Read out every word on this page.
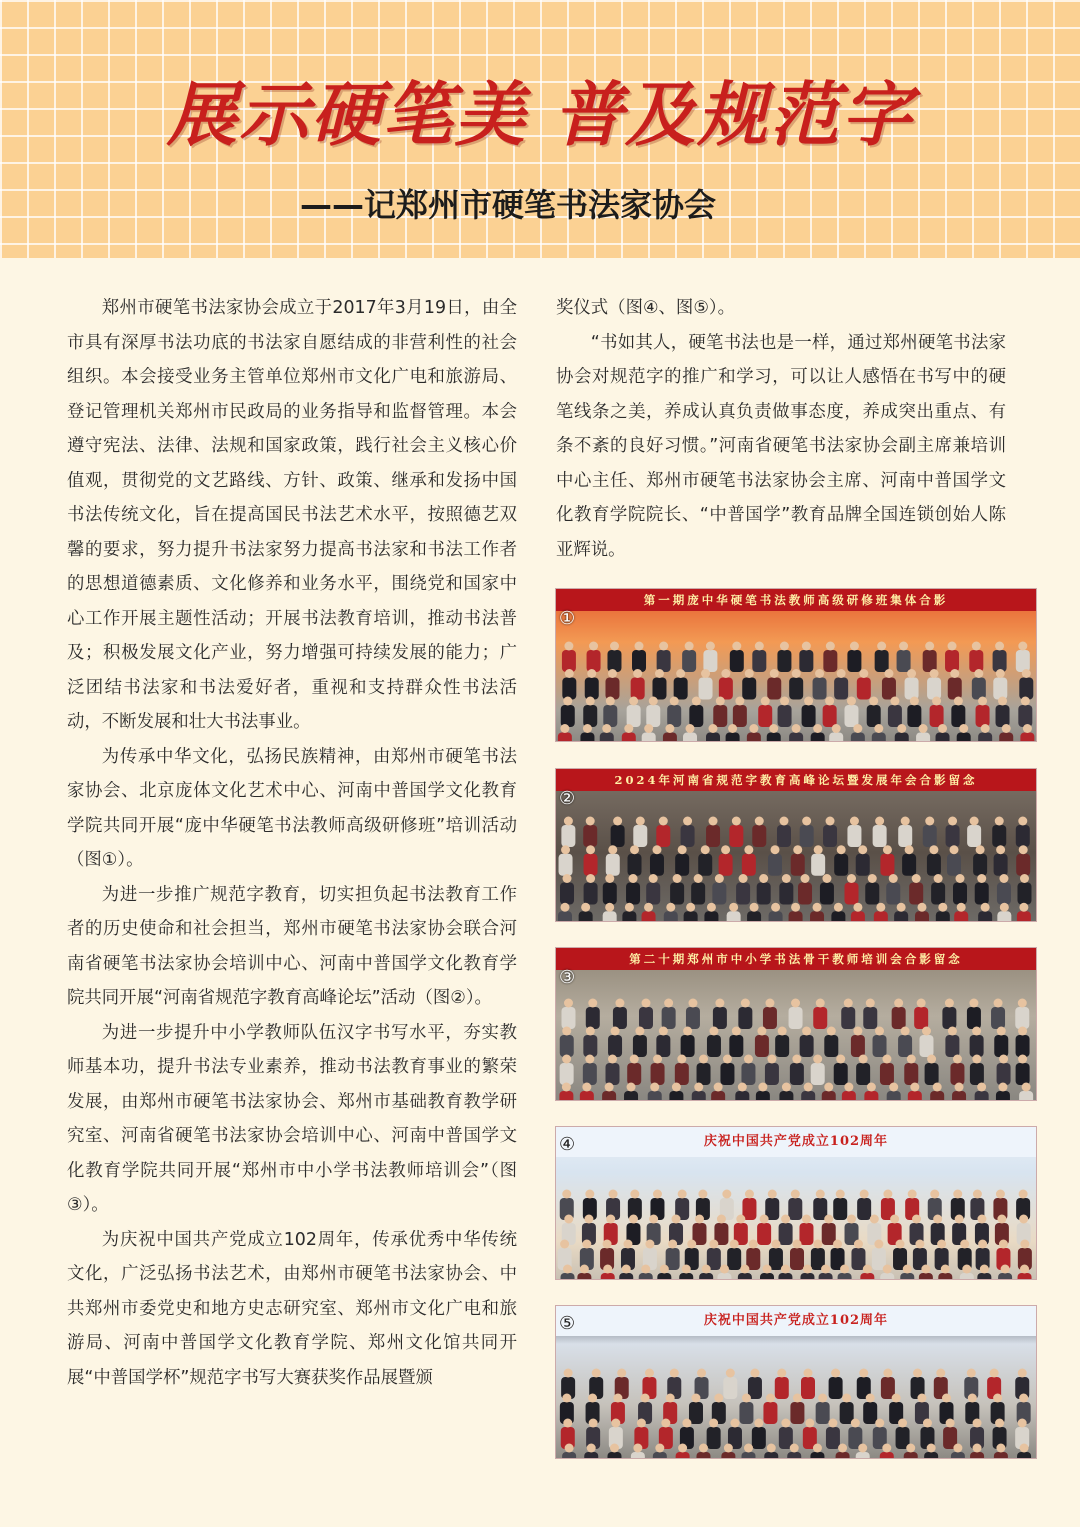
展示硬笔美 普及规范字
——记郑州市硬笔书法家协会

郑州市硬笔书法家协会成立于2017年3月19日，由全市具有深厚书法功底的书法家自愿结成的非营利性的社会组织。本会接受业务主管单位郑州市文化广电和旅游局、登记管理机关郑州市民政局的业务指导和监督管理。本会遵守宪法、法律、法规和国家政策，践行社会主义核心价值观，贯彻党的文艺路线、方针、政策、继承和发扬中国书法传统文化，旨在提高国民书法艺术水平，按照德艺双馨的要求，努力提升书法家努力提高书法家和书法工作者的思想道德素质、文化修养和业务水平，围绕党和国家中心工作开展主题性活动；开展书法教育培训，推动书法普及；积极发展文化产业，努力增强可持续发展的能力；广泛团结书法家和书法爱好者，重视和支持群众性书法活动，不断发展和壮大书法事业。

为传承中华文化，弘扬民族精神，由郑州市硬笔书法家协会、北京庞体文化艺术中心、河南中普国学文化教育学院共同开展“庞中华硬笔书法教师高级研修班”培训活动（图①）。

为进一步推广规范字教育，切实担负起书法教育工作者的历史使命和社会担当，郑州市硬笔书法家协会联合河南省硬笔书法家协会培训中心、河南中普国学文化教育学院共同开展“河南省规范字教育高峰论坛”活动（图②）。

为进一步提升中小学教师队伍汉字书写水平，夯实教师基本功，提升书法专业素养，推动书法教育事业的繁荣发展，由郑州市硬笔书法家协会、郑州市基础教育教学研究室、河南省硬笔书法家协会培训中心、河南中普国学文化教育学院共同开展“郑州市中小学书法教师培训会”（图③）。

为庆祝中国共产党成立102周年，传承优秀中华传统文化，广泛弘扬书法艺术，由郑州市硬笔书法家协会、中共郑州市委党史和地方史志研究室、郑州市文化广电和旅游局、河南中普国学文化教育学院、郑州文化馆共同开展“中普国学杯”规范字书写大赛获奖作品展暨颁

奖仪式（图④、图⑤）。

“书如其人，硬笔书法也是一样，通过郑州硬笔书法家协会对规范字的推广和学习，可以让人感悟在书写中的硬笔线条之美，养成认真负责做事态度，养成突出重点、有条不紊的良好习惯。”河南省硬笔书法家协会副主席兼培训中心主任、郑州市硬笔书法家协会主席、河南中普国学文化教育学院院长、“中普国学”教育品牌全国连锁创始人陈亚辉说。

第一期庞中华硬笔书法教师高级研修班集体合影
①
2024年河南省规范字教育高峰论坛暨发展年会合影留念
②
第二十期郑州市中小学书法骨干教师培训会合影留念
③
庆祝中国共产党成立102周年
④
庆祝中国共产党成立102周年
⑤
